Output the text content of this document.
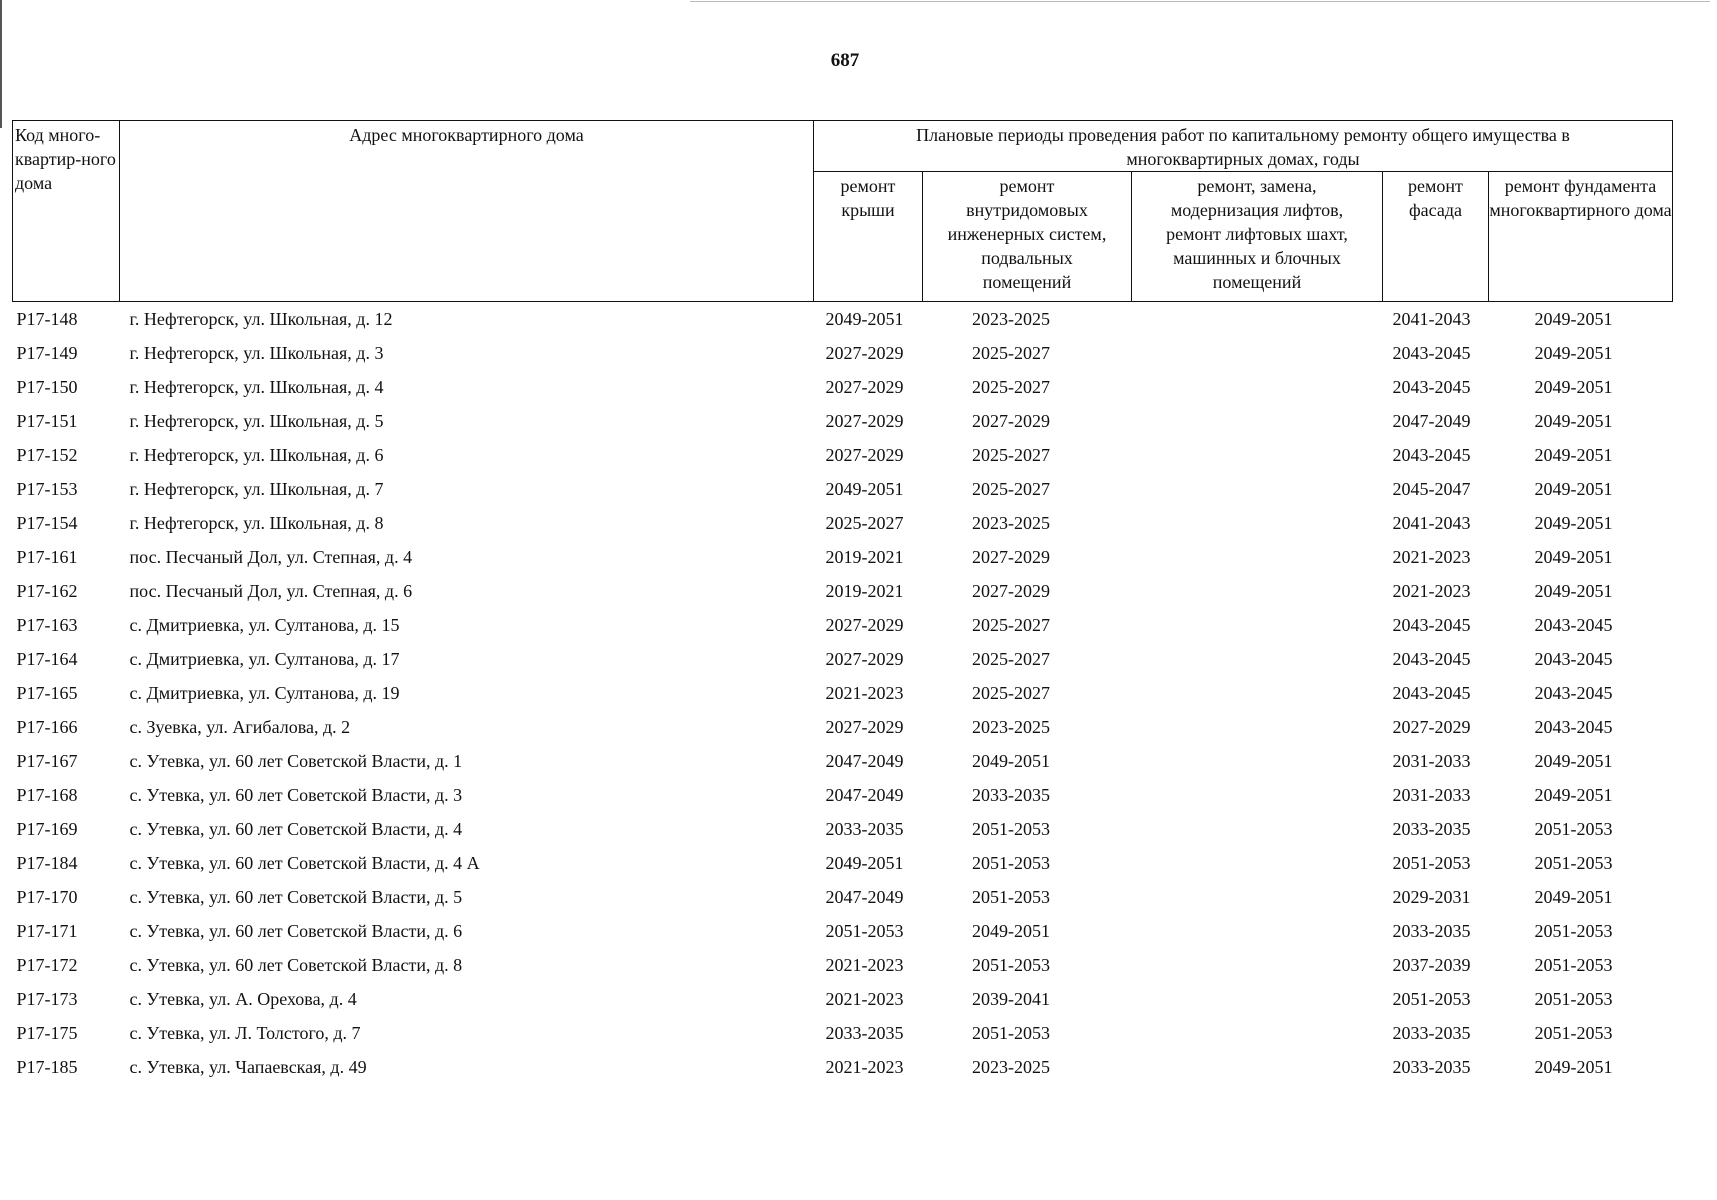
687
Код много-квартир-ного дома	Адрес многоквартирного дома	Плановые периоды проведения работ по капитальному ремонту общего имущества в многоквартирных домах, годы				
		ремонт крыши	ремонт внутридомовых инженерных систем, подвальных помещений	ремонт, замена, модернизация лифтов, ремонт лифтовых шахт, машинных и блочных помещений	ремонт фасада	ремонт фундамента многоквартирного дома
P17-148	г. Нефтегорск, ул. Школьная, д. 12	2049-2051	2023-2025		2041-2043	2049-2051
P17-149	г. Нефтегорск, ул. Школьная, д. 3	2027-2029	2025-2027		2043-2045	2049-2051
P17-150	г. Нефтегорск, ул. Школьная, д. 4	2027-2029	2025-2027		2043-2045	2049-2051
P17-151	г. Нефтегорск, ул. Школьная, д. 5	2027-2029	2027-2029		2047-2049	2049-2051
P17-152	г. Нефтегорск, ул. Школьная, д. 6	2027-2029	2025-2027		2043-2045	2049-2051
P17-153	г. Нефтегорск, ул. Школьная, д. 7	2049-2051	2025-2027		2045-2047	2049-2051
P17-154	г. Нефтегорск, ул. Школьная, д. 8	2025-2027	2023-2025		2041-2043	2049-2051
P17-161	пос. Песчаный Дол, ул. Степная, д. 4	2019-2021	2027-2029		2021-2023	2049-2051
P17-162	пос. Песчаный Дол, ул. Степная, д. 6	2019-2021	2027-2029		2021-2023	2049-2051
P17-163	с. Дмитриевка, ул. Султанова, д. 15	2027-2029	2025-2027		2043-2045	2043-2045
P17-164	с. Дмитриевка, ул. Султанова, д. 17	2027-2029	2025-2027		2043-2045	2043-2045
P17-165	с. Дмитриевка, ул. Султанова, д. 19	2021-2023	2025-2027		2043-2045	2043-2045
P17-166	с. Зуевка, ул. Агибалова, д. 2	2027-2029	2023-2025		2027-2029	2043-2045
P17-167	с. Утевка, ул. 60 лет Советской Власти, д. 1	2047-2049	2049-2051		2031-2033	2049-2051
P17-168	с. Утевка, ул. 60 лет Советской Власти, д. 3	2047-2049	2033-2035		2031-2033	2049-2051
P17-169	с. Утевка, ул. 60 лет Советской Власти, д. 4	2033-2035	2051-2053		2033-2035	2051-2053
P17-184	с. Утевка, ул. 60 лет Советской Власти, д. 4 А	2049-2051	2051-2053		2051-2053	2051-2053
P17-170	с. Утевка, ул. 60 лет Советской Власти, д. 5	2047-2049	2051-2053		2029-2031	2049-2051
P17-171	с. Утевка, ул. 60 лет Советской Власти, д. 6	2051-2053	2049-2051		2033-2035	2051-2053
P17-172	с. Утевка, ул. 60 лет Советской Власти, д. 8	2021-2023	2051-2053		2037-2039	2051-2053
P17-173	с. Утевка, ул. А. Орехова, д. 4	2021-2023	2039-2041		2051-2053	2051-2053
P17-175	с. Утевка, ул. Л. Толстого, д. 7	2033-2035	2051-2053		2033-2035	2051-2053
P17-185	с. Утевка, ул. Чапаевская, д. 49	2021-2023	2023-2025		2033-2035	2049-2051
